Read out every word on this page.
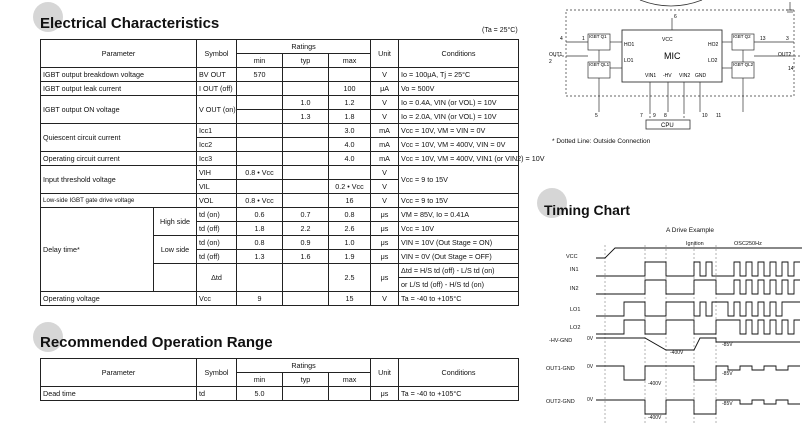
Electrical Characteristics	(Ta = 25°C)
Parameter		Symbol	Ratings			Unit	Conditions
			min	typ	max		
IGBT output breakdown voltage		BV OUT	570			V	Io = 100μA, Tj = 25°C
IGBT output leak current		I OUT (off)			100	μA	Vo = 500V
IGBT output ON voltage		V OUT (on)		1.0	1.2	V	Io = 0.4A, VIN (or VOL) = 10V
				1.3	1.8	V	Io = 2.0A, VIN (or VOL) = 10V
Quiescent circuit current		Icc1			3.0	mA	Vcc = 10V, VM = VIN = 0V
		Icc2			4.0	mA	Vcc = 10V, VM = 400V, VIN = 0V
Operating circuit current		Icc3			4.0	mA	Vcc = 10V, VM = 400V, VIN1 (or VIN2) = 10V
Input threshold voltage		VIH	0.8 • Vcc			V	Vcc = 9 to 15V
		VIL			0.2 • Vcc	V	
Low-side IGBT gate drive voltage		VOL	0.8 • Vcc		16	V	Vcc = 9 to 15V
Delay time*	High side	td (on)	0.6	0.7	0.8	μs	VM = 85V, Io = 0.41A
		td (off)	1.8	2.2	2.6	μs	Vcc = 10V
	Low side	td (on)	0.8	0.9	1.0	μs	VIN = 10V (Out Stage = ON)
		td (off)	1.3	1.6	1.9	μs	VIN = 0V (Out Stage = OFF)
		Δtd			2.5	μs	Δtd = H/S td (off) - L/S td (on)
							or L/S td (off) - H/S td (on)
Operating voltage		Vcc	9		15	V	Ta = -40 to +105°C
Recommended Operation Range
Parameter	Symbol	Ratings			Unit	Conditions
		min	typ	max		
Dead time	td	5.0			μs	Ta = -40 to +105°C
MIC
VCC
HO1	HO2
LO1	LO2
VIN1 -HV VIN2 GND
IGBT Q1
IGBT QL1
IGBT Q2
IGBT QL2
CPU
OUT1	OUT2
6
4	1
2
13	3
14
5	7 9 8	10 11
* Dotted Line: Outside Connection
Timing Chart
A Drive Example
Ignition	OSC250Hz
VCC
IN1
IN2
LO1
LO2
-HV-GND
OUT1-GND
OUT2-GND
0V
0V
0V
-400V
-400V
-400V
-85V
-85V
-85V
